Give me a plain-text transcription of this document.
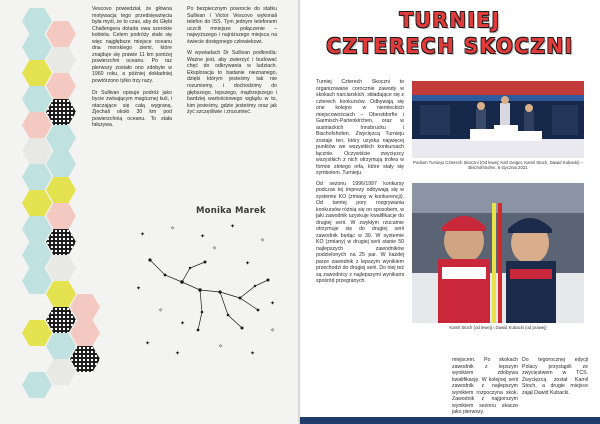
Vescovo powiedział, że główna motywacja tego przedsięwzięcia była myśl, że to czas, aby do Głębi Challengera dotarła owa szerokie kobieta. Celem podróży stało się więc najgłębsze miejsce oceanu dna morskiego ziemi, które znajduje się prawie 11 km poniżej powierzchni oceanu. Po raz pierwszy zostało ono zdobyte w 1960 roku, a później dokładniej powtórzono tylko trzy razy.

Dr Sullivan opisuje podróż jako bycie zwisającym magicznej kuli, i otaczające się całą wygraną. Zjechali około 30 km pod powierzchnią oceanu. To stała fałszywa.

Po bezpiecznym powrocie do statku Sullivan i Victor Vescovo wykonali telefon do ISS. Tym jednym telefonem uczcili mniejsze połączenie – najwyższego i najniższego miejsca na świecie dostępnego człowiekowi.

W wywiadach Dr Sullivan podkreśla: Ważne jest, aby zwierzyć i budować chęć do odkrywania w ludziach. Eksploracja to badanie nieznanego, dzięki którym jesteśmy tak nie rozumiemy, i dochodzimy do głębszego, lepszego, mądrzejszego i bardziej wartościowego wglądu w to, kim jesteśmy, gdzie jesteśmy oraz jak żyć szczęśliwie i zrozumieć.

Monika Marek
✦
✧
✦
✦
✧
✦
✧
✦
✦
✧
✦
✧
✧
✦
✦
✦
TURNIEJ
CZTERECH SKOCZNI

Turniej Czterech Skoczni to organizowane corocznie zawody w skokach narciarskich, składające się z czterech konkursów. Odbywają się one kolejno w niemieckich miejscowościach – Oberstdorfie i Garmisch-Partenkirchen, oraz w austriackich Innsbrucku i Bischofshofen. Zwycięzcą Turnieju zostaje ten, który uzyska najwięcej punktów we wszystkich konkursach łącznie. Oczywiście zwycięzcy wszystkich z nich otrzymują trofea w formie złotego orła, które stały się symbolem. Turnieju.

Od sezonu 1996/1997 konkursy podczas tej imprezy odbywają się w systemie KO (zmiany w konkurencji). Od tamtej pory rozgrywania konkursów różnią się on sposobem, w jaki zawodnik uzyskuje kwalifikacje do drugiej serii. W zwykłym rzucamie otrzymuje się do drugiej serii zawodnik będąc w 30. W systemie KO (zmiany) w drugiej serii stanie 50 najlepszych zawodników podzielonych na 25 par. W każdej parze zawodnik z lepszym wynikiem przechodzi do drugiej serii. Do niej też są zawodnicy z najlepszymi wynikami spośród przegranych.

Podium Turnieju Czterech Skoczni (Od lewej: Karl Geiger, Kamil Stoch, Dawid Kubacki) – Bischofshofen, 6 stycznia 2021
Kamil Stoch (od lewej) i Dawid Kubacki (od prawej)
miejscem. Po skokach zawodnik z lepszym wynikiem zdobywa kwalifikację. W kolejnej serii zawodnik z najlepszym wynikiem rozpoczyna skok. Zawodnik z najgorszym wynikiem sezonu skacze jako pierwszy.
Do tegorocznej edycji Polacy przystąpili ze zwycięstwem w TCS. Zwycięzcą został Kamil Stoch, a drugie miejsce zajął Dawid Kubacki.
